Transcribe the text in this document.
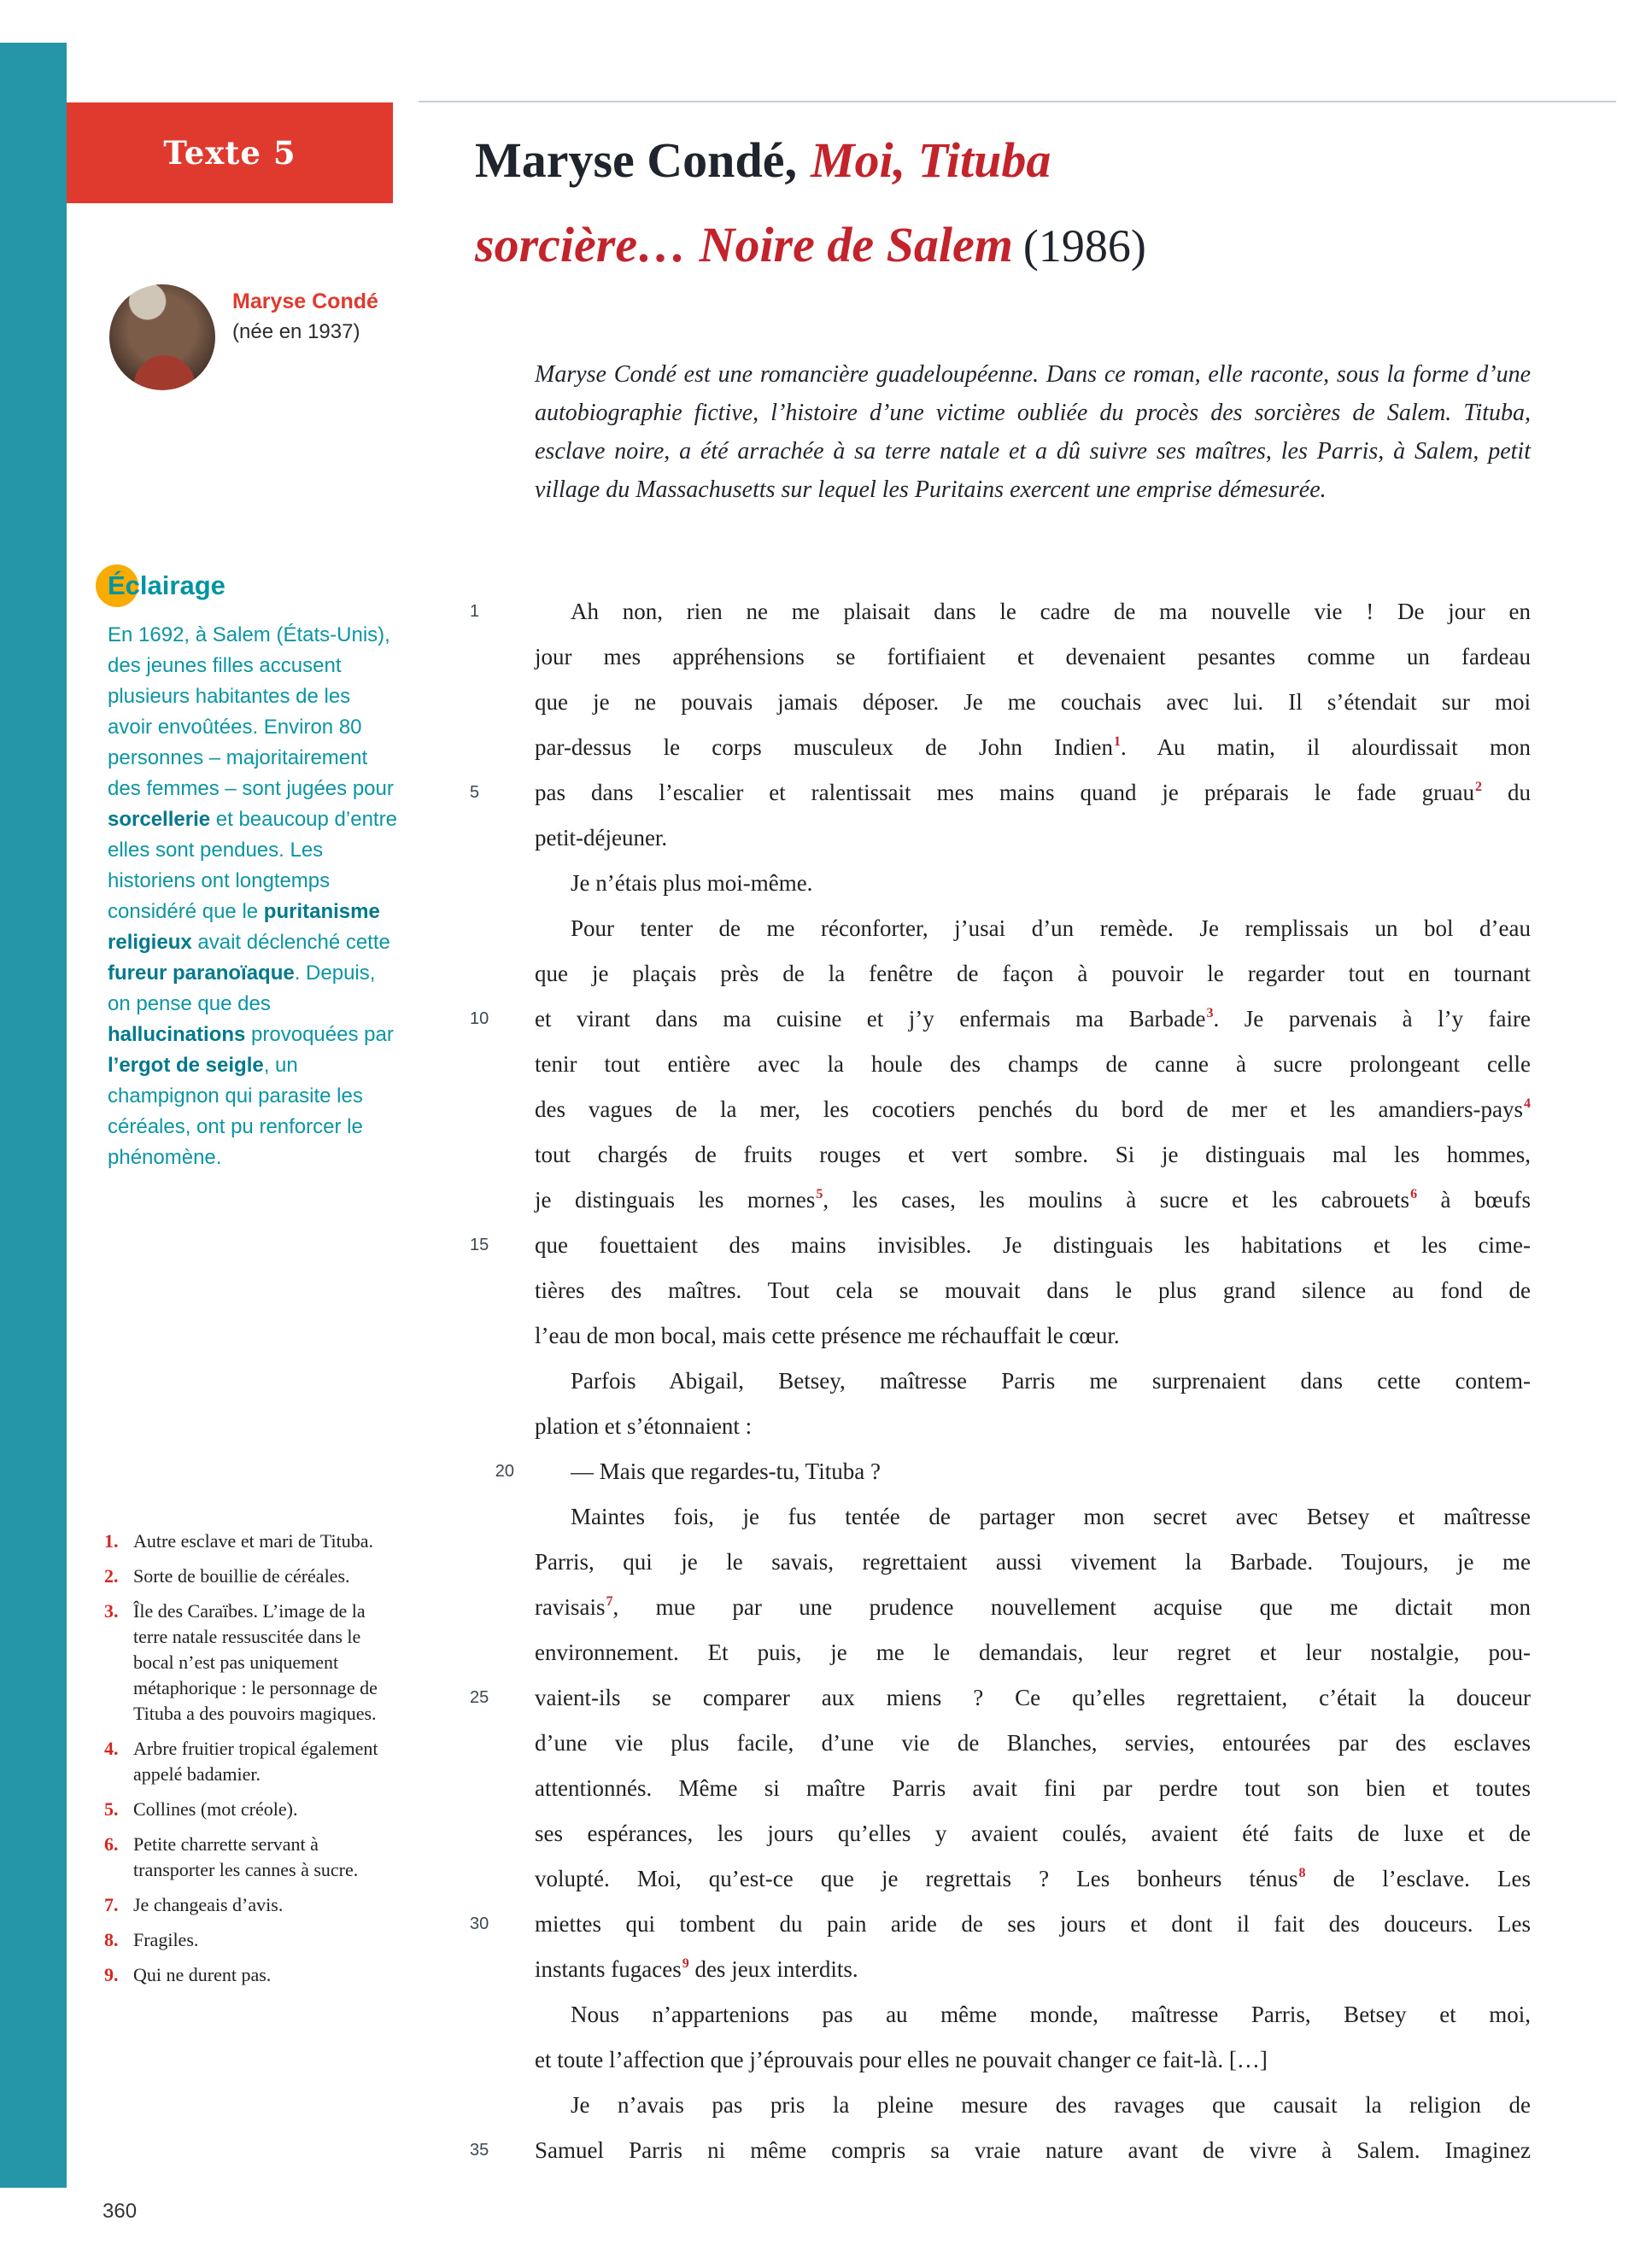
Texte 5	Maryse Condé, Moi, Tituba
sorcière… Noire de Salem (1986)
Maryse Condé
(née en 1937)
Maryse Condé est une romancière guadeloupéenne. Dans ce roman, elle raconte, sous la forme d’une autobiographie fictive, l’histoire d’une victime oubliée du procès des sorcières de Salem. Tituba, esclave noire, a été arrachée à sa terre natale et a dû suivre ses maîtres, les Parris, à Salem, petit village du Massachusetts sur lequel les Puritains exercent une emprise démesurée.
Éclairage
En 1692, à Salem (États-Unis), des jeunes filles accusent plusieurs habitantes de les avoir envoûtées. Environ 80 personnes – majoritairement des femmes – sont jugées pour sorcellerie et beaucoup d’entre elles sont pendues. Les historiens ont longtemps considéré que le puritanisme religieux avait déclenché cette fureur paranoïaque. Depuis, on pense que des hallucinations provoquées par l’ergot de seigle, un champignon qui parasite les céréales, ont pu renforcer le phénomène.
1	Ah non, rien ne me plaisait dans le cadre de ma nouvelle vie ! De jour en
jour mes appréhensions se fortifiaient et devenaient pesantes comme un fardeau
que je ne pouvais jamais déposer. Je me couchais avec lui. Il s’étendait sur moi
par-dessus le corps musculeux de John Indien$^1$. Au matin, il alourdissait mon
5	pas dans l’escalier et ralentissait mes mains quand je préparais le fade gruau$^2$ du
petit-déjeuner.
Je n’étais plus moi-même.
Pour tenter de me réconforter, j’usai d’un remède. Je remplissais un bol d’eau
que je plaçais près de la fenêtre de façon à pouvoir le regarder tout en tournant
10	et virant dans ma cuisine et j’y enfermais ma Barbade$^3$. Je parvenais à l’y faire
tenir tout entière avec la houle des champs de canne à sucre prolongeant celle
des vagues de la mer, les cocotiers penchés du bord de mer et les amandiers-pays$^4$
tout chargés de fruits rouges et vert sombre. Si je distinguais mal les hommes,
je distinguais les mornes$^5$, les cases, les moulins à sucre et les cabrouets$^6$ à bœufs
15	que fouettaient des mains invisibles. Je distinguais les habitations et les cime-
tières des maîtres. Tout cela se mouvait dans le plus grand silence au fond de
l’eau de mon bocal, mais cette présence me réchauffait le cœur.
Parfois Abigail, Betsey, maîtresse Parris me surprenaient dans cette contem-
plation et s’étonnaient :
20 — Mais que regardes-tu, Tituba ?
Maintes fois, je fus tentée de partager mon secret avec Betsey et maîtresse
Parris, qui je le savais, regrettaient aussi vivement la Barbade. Toujours, je me
ravisais$^7$, mue par une prudence nouvellement acquise que me dictait mon
environnement. Et puis, je me le demandais, leur regret et leur nostalgie, pou-
25	vaient-ils se comparer aux miens ? Ce qu’elles regrettaient, c’était la douceur
d’une vie plus facile, d’une vie de Blanches, servies, entourées par des esclaves
attentionnés. Même si maître Parris avait fini par perdre tout son bien et toutes
ses espérances, les jours qu’elles y avaient coulés, avaient été faits de luxe et de
volupté. Moi, qu’est-ce que je regrettais ? Les bonheurs ténus$^8$ de l’esclave. Les
30	miettes qui tombent du pain aride de ses jours et dont il fait des douceurs. Les
instants fugaces$^9$ des jeux interdits.
Nous n’appartenions pas au même monde, maîtresse Parris, Betsey et moi,
et toute l’affection que j’éprouvais pour elles ne pouvait changer ce fait-là. […]
Je n’avais pas pris la pleine mesure des ravages que causait la religion de
35	Samuel Parris ni même compris sa vraie nature avant de vivre à Salem. Imaginez
1. Autre esclave et mari de Tituba.
2. Sorte de bouillie de céréales.
3. Île des Caraïbes. L’image de la terre natale ressuscitée dans le bocal n’est pas uniquement métaphorique : le personnage de Tituba a des pouvoirs magiques.
4. Arbre fruitier tropical également appelé badamier.
5. Collines (mot créole).
6. Petite charrette servant à transporter les cannes à sucre.
7. Je changeais d’avis.
8. Fragiles.
9. Qui ne durent pas.
360
